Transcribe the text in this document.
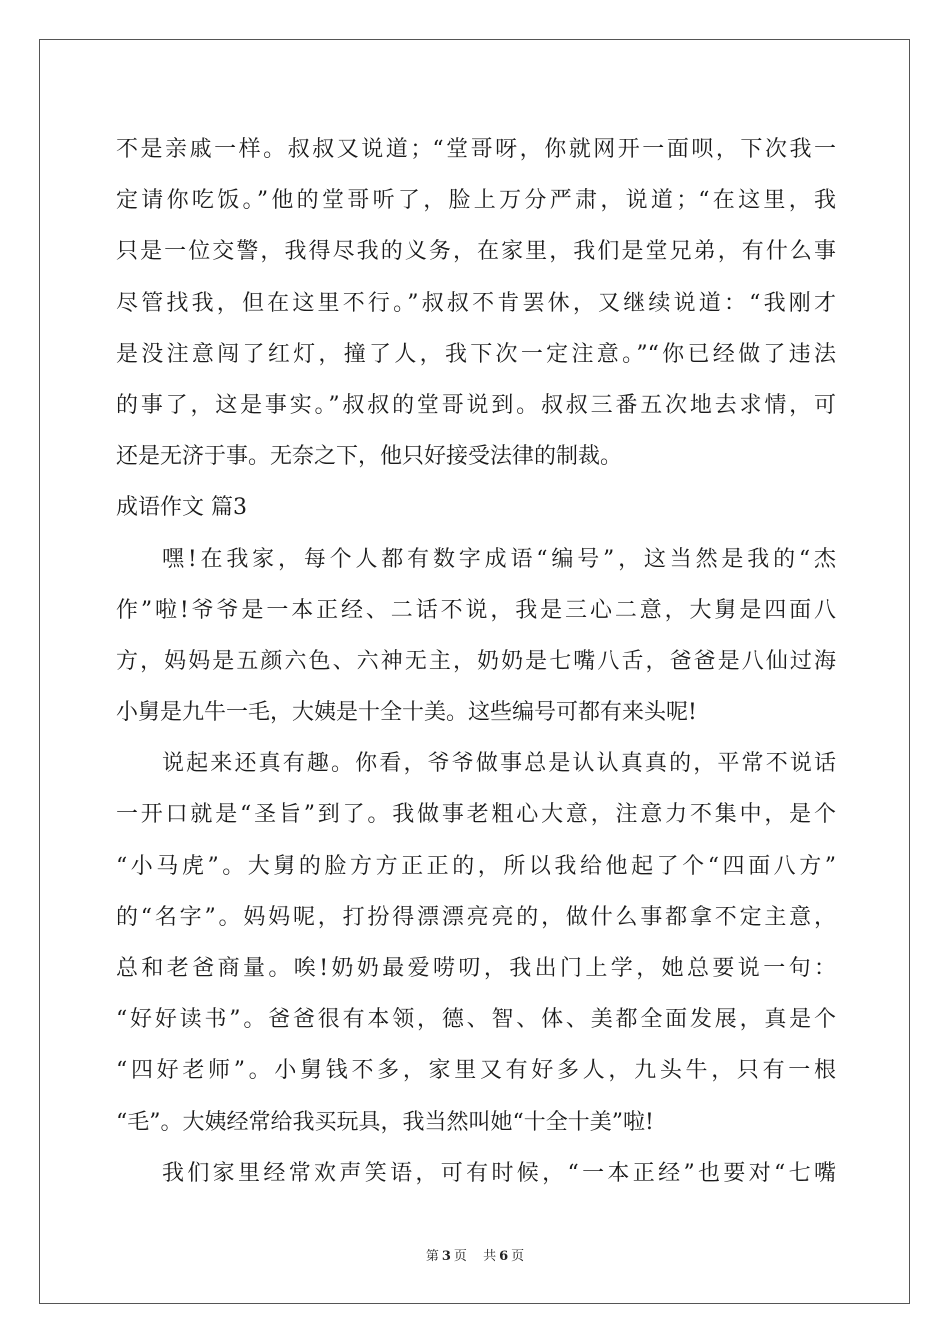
不是亲戚一样。叔叔又说道；“堂哥呀，你就网开一面呗，下次我一
定请你吃饭。”他的堂哥听了，脸上万分严肃，说道；“在这里，我
只是一位交警，我得尽我的义务，在家里，我们是堂兄弟，有什么事
尽管找我，但在这里不行。”叔叔不肯罢休，又继续说道：“我刚才
是没注意闯了红灯，撞了人，我下次一定注意。”“你已经做了违法
的事了，这是事实。”叔叔的堂哥说到。叔叔三番五次地去求情，可
还是无济于事。无奈之下，他只好接受法律的制裁。
成语作文 篇3
嘿!在我家，每个人都有数字成语“编号”，这当然是我的“杰
作”啦!爷爷是一本正经、二话不说，我是三心二意，大舅是四面八
方，妈妈是五颜六色、六神无主，奶奶是七嘴八舌，爸爸是八仙过海
小舅是九牛一毛，大姨是十全十美。这些编号可都有来头呢!
说起来还真有趣。你看，爷爷做事总是认认真真的，平常不说话
一开口就是“圣旨”到了。我做事老粗心大意，注意力不集中，是个
“小马虎”。大舅的脸方方正正的，所以我给他起了个“四面八方”
的“名字”。妈妈呢，打扮得漂漂亮亮的，做什么事都拿不定主意，
总和老爸商量。唉!奶奶最爱唠叨，我出门上学，她总要说一句：
“好好读书”。爸爸很有本领，德、智、体、美都全面发展，真是个
“四好老师”。小舅钱不多，家里又有好多人，九头牛，只有一根
“毛”。大姨经常给我买玩具，我当然叫她“十全十美”啦!
我们家里经常欢声笑语，可有时候，“一本正经”也要对“七嘴
第 3 页 共 6 页
